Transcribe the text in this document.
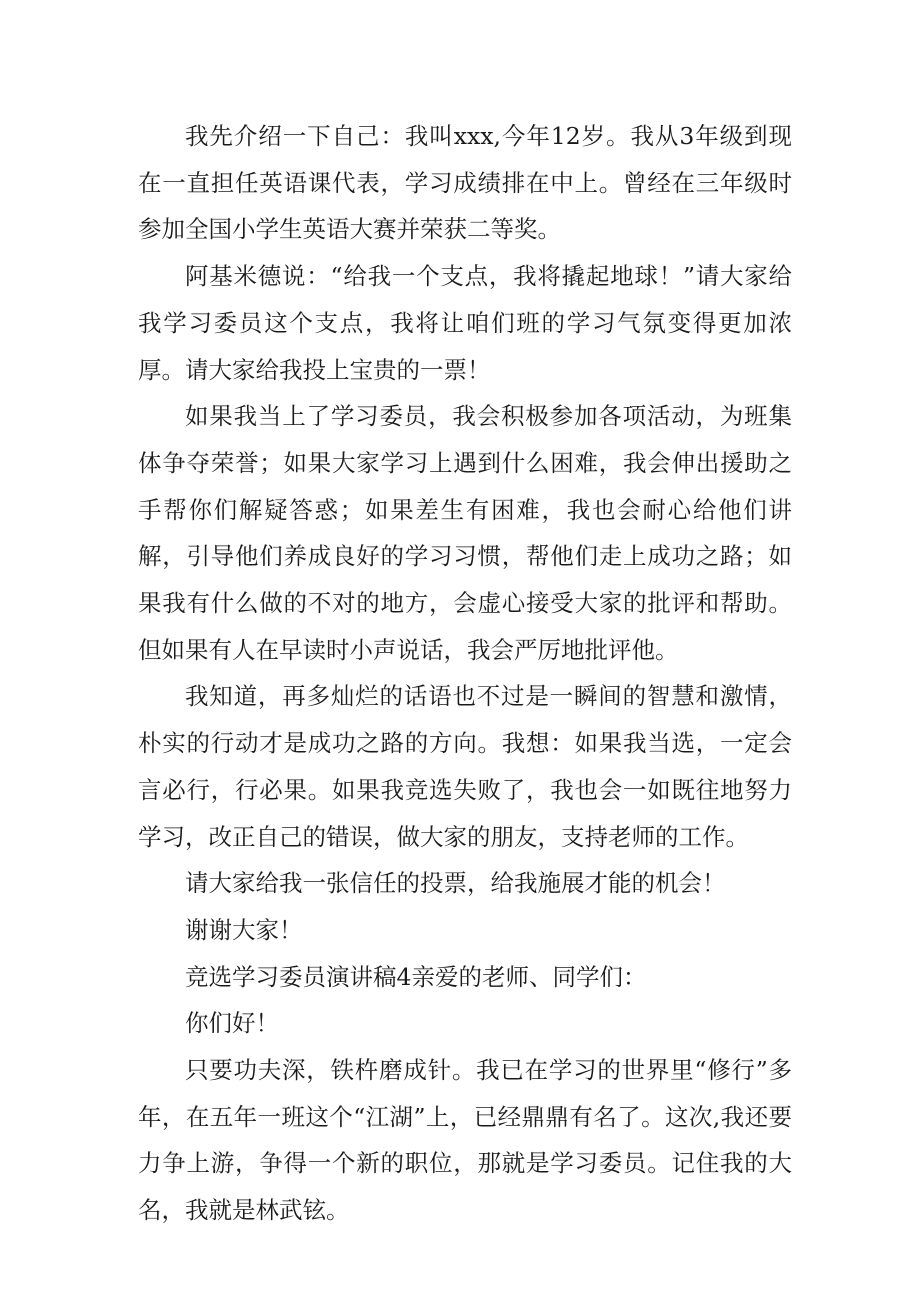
我先介绍一下自己：我叫xxx,今年12岁。我从3年级到现在一直担任英语课代表，学习成绩排在中上。曾经在三年级时参加全国小学生英语大赛并荣获二等奖。

阿基米德说：“给我一个支点，我将撬起地球！”请大家给我学习委员这个支点，我将让咱们班的学习气氛变得更加浓厚。请大家给我投上宝贵的一票！

如果我当上了学习委员，我会积极参加各项活动，为班集体争夺荣誉；如果大家学习上遇到什么困难，我会伸出援助之手帮你们解疑答惑；如果差生有困难，我也会耐心给他们讲解，引导他们养成良好的学习习惯，帮他们走上成功之路；如果我有什么做的不对的地方，会虚心接受大家的批评和帮助。但如果有人在早读时小声说话，我会严厉地批评他。

我知道，再多灿烂的话语也不过是一瞬间的智慧和激情，朴实的行动才是成功之路的方向。我想：如果我当选，一定会言必行，行必果。如果我竞选失败了，我也会一如既往地努力学习，改正自己的错误，做大家的朋友，支持老师的工作。

请大家给我一张信任的投票，给我施展才能的机会！

谢谢大家！

竞选学习委员演讲稿4亲爱的老师、同学们：

你们好！

只要功夫深，铁杵磨成针。我已在学习的世界里“修行”多年，在五年一班这个“江湖”上，已经鼎鼎有名了。这次,我还要力争上游，争得一个新的职位，那就是学习委员。记住我的大名，我就是林武铉。
